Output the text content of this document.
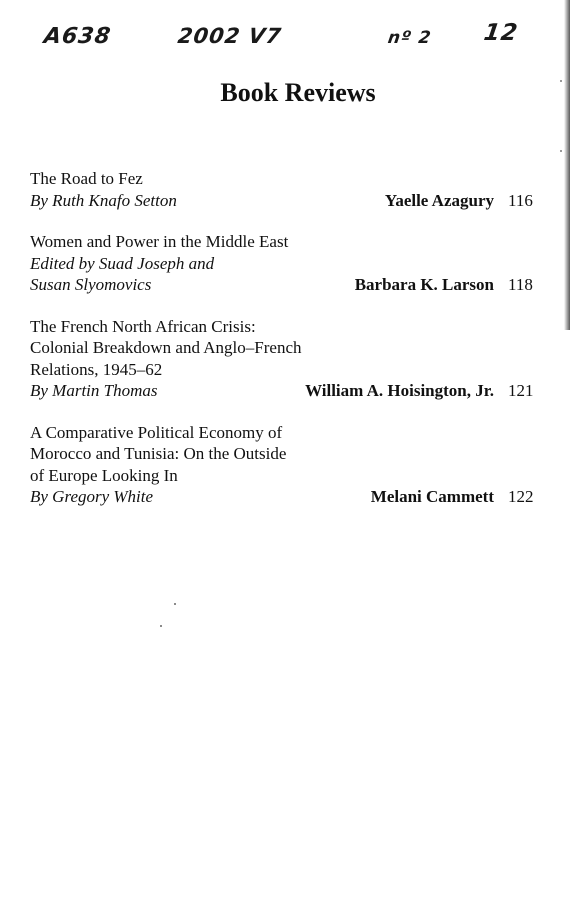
A638	2002 V7	nº 2 12
Book Reviews
The Road to Fez
By Ruth Knafo Setton	Yaelle Azagury 116
Women and Power in the Middle East
Edited by Suad Joseph and
Susan Slyomovics	Barbara K. Larson 118
The French North African Crisis:
Colonial Breakdown and Anglo–French
Relations, 1945–62
By Martin Thomas	William A. Hoisington, Jr. 121
A Comparative Political Economy of
Morocco and Tunisia: On the Outside
of Europe Looking In
By Gregory White	Melani Cammett 122
